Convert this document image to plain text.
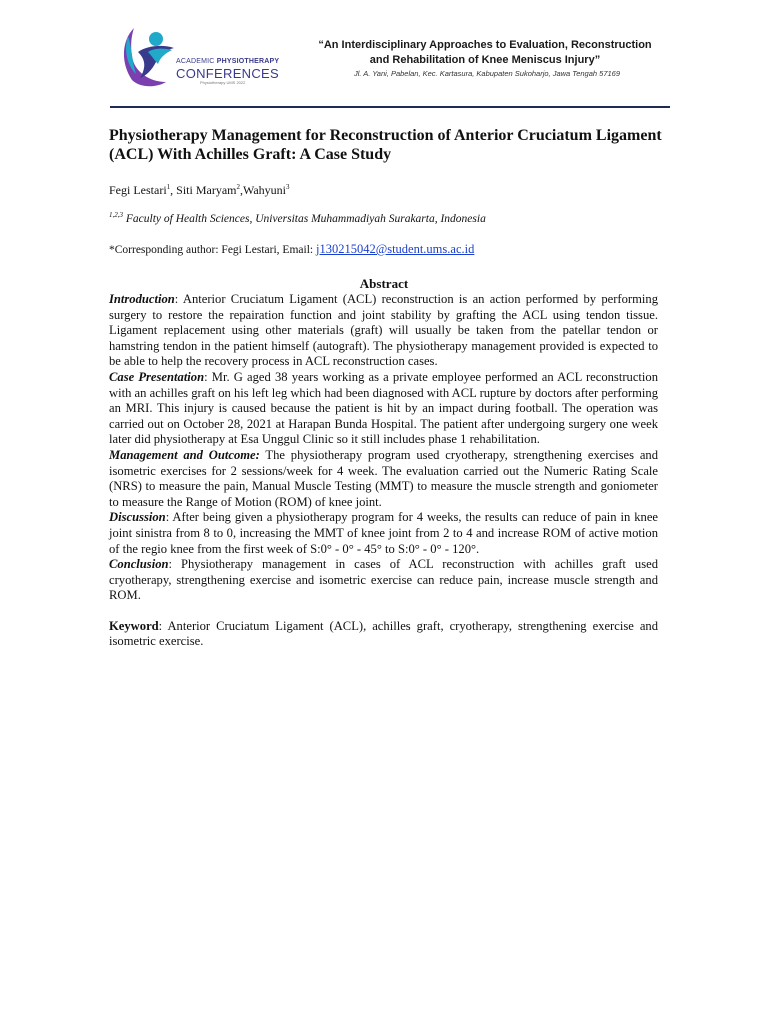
ACADEMIC PHYSIOTHERAPY
CONFERENCES
Physiotherapy UMS 2022
“An Interdisciplinary Approaches to Evaluation, Reconstruction
and Rehabilitation of Knee Meniscus Injury”
Jl. A. Yani, Pabelan, Kec. Kartasura, Kabupaten Sukoharjo, Jawa Tengah 57169
Physiotherapy Management for Reconstruction of Anterior Cruciatum Ligament (ACL) With Achilles Graft: A Case Study
Fegi Lestari$^1$, Siti Maryam$^2$,Wahyuni$^3$
$^{1,2,3}$ Faculty of Health Sciences, Universitas Muhammadiyah Surakarta, Indonesia
*Corresponding author: Fegi Lestari, Email: j130215042@student.ums.ac.id
Abstract

Introduction: Anterior Cruciatum Ligament (ACL) reconstruction is an action performed by performing surgery to restore the repairation function and joint stability by grafting the ACL using tendon tissue. Ligament replacement using other materials (graft) will usually be taken from the patellar tendon or hamstring tendon in the patient himself (autograft). The physiotherapy management provided is expected to be able to help the recovery process in ACL reconstruction cases.

Case Presentation: Mr. G aged 38 years working as a private employee performed an ACL reconstruction with an achilles graft on his left leg which had been diagnosed with ACL rupture by doctors after performing an MRI. This injury is caused because the patient is hit by an impact during football. The operation was carried out on October 28, 2021 at Harapan Bunda Hospital. The patient after undergoing surgery one week later did physiotherapy at Esa Unggul Clinic so it still includes phase 1 rehabilitation.

Management and Outcome: The physiotherapy program used cryotherapy, strengthening exercises and isometric exercises for 2 sessions/week for 4 week. The evaluation carried out the Numeric Rating Scale (NRS) to measure the pain, Manual Muscle Testing (MMT) to measure the muscle strength and goniometer to measure the Range of Motion (ROM) of knee joint.

Discussion: After being given a physiotherapy program for 4 weeks, the results can reduce of pain in knee joint sinistra from 8 to 0, increasing the MMT of knee joint from 2 to 4 and increase ROM of active motion of the regio knee from the first week of S:0° - 0° - 45° to S:0° - 0° - 120°.

Conclusion: Physiotherapy management in cases of ACL reconstruction with achilles graft used cryotherapy, strengthening exercise and isometric exercise can reduce pain, increase muscle strength and ROM.

Keyword: Anterior Cruciatum Ligament (ACL), achilles graft, cryotherapy, strengthening exercise and isometric exercise.
